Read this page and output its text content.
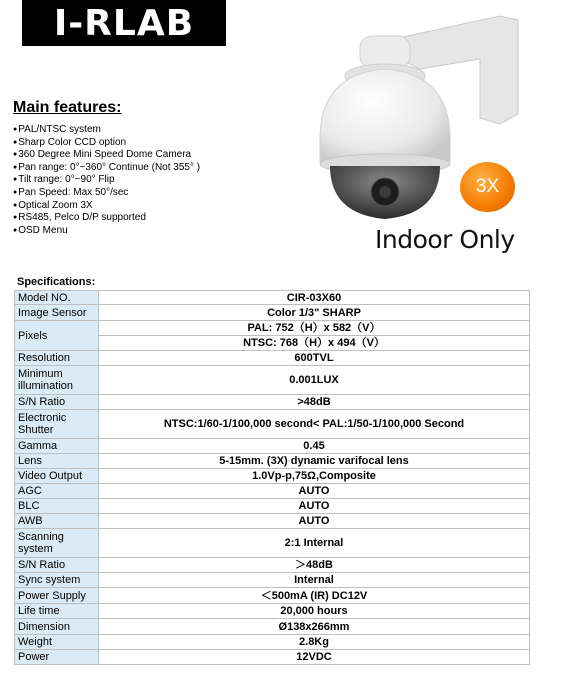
I-RLAB
Main features:
● PAL/NTSC system
● Sharp Color CCD option
● 360 Degree Mini Speed Dome Camera
● Pan range: 0°~360° Continue (Not 355° )
● Tilt range: 0°~90° Flip
● Pan Speed: Max 50°/sec
● Optical Zoom 3X
● RS485, Pelco D/P supported
● OSD Menu
3X
Indoor Only
Specifications:
Model NO.	CIR-03X60
Image Sensor	Color 1/3" SHARP
Pixels	PAL: 752（H）x 582（V）
	NTSC: 768（H）x 494（V）
Resolution	600TVL
Minimum illumination	0.001LUX
S/N Ratio	>48dB
Electronic Shutter	NTSC:1/60-1/100,000 second< PAL:1/50-1/100,000 Second
Gamma	0.45
Lens	5-15mm. (3X) dynamic varifocal lens
Video Output	1.0Vp-p,75Ω,Composite
AGC	AUTO
BLC	AUTO
AWB	AUTO
Scanning system	2:1 Internal
S/N Ratio	＞48dB
Sync system	Internal
Power Supply	＜500mA (IR) DC12V
Life time	20,000 hours
Dimension	Ø138x266mm
Weight	2.8Kg
Power	12VDC
